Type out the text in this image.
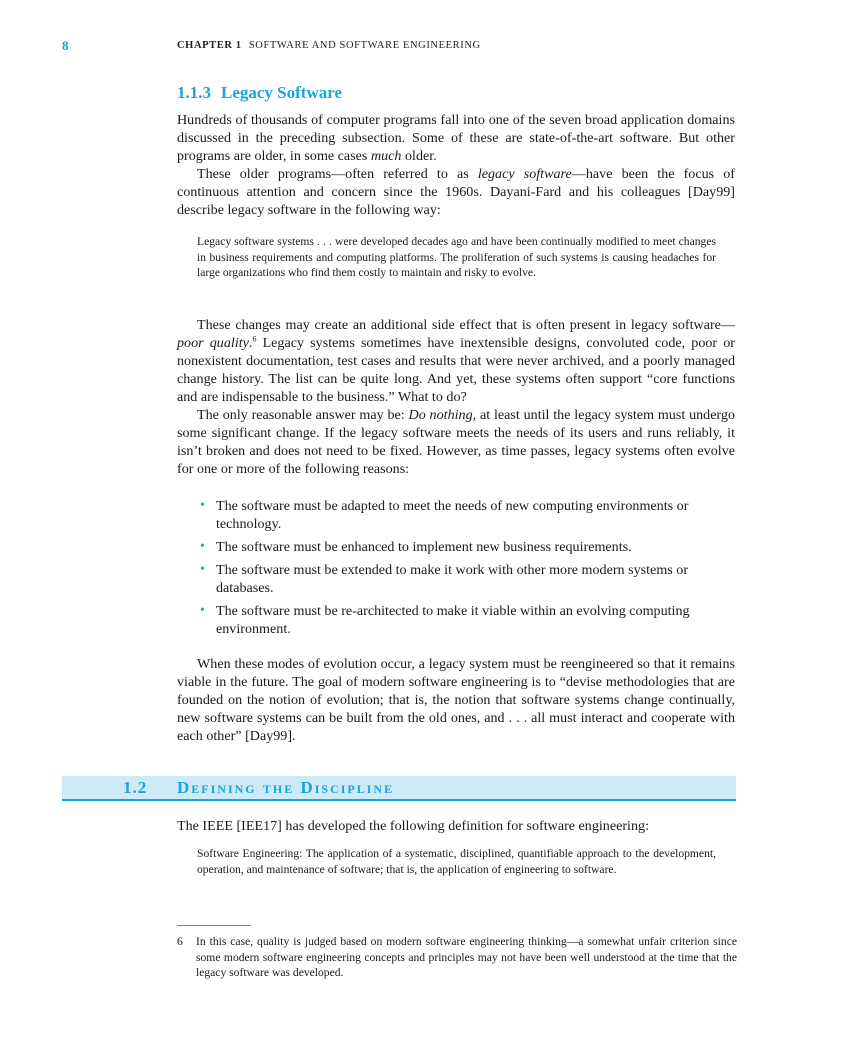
8	CHAPTER 1 SOFTWARE AND SOFTWARE ENGINEERING
1.1.3 Legacy Software

Hundreds of thousands of computer programs fall into one of the seven broad application domains discussed in the preceding subsection. Some of these are state-of-the-art software. But other programs are older, in some cases much older.

These older programs—often referred to as legacy software—have been the focus of continuous attention and concern since the 1960s. Dayani-Fard and his colleagues [Day99] describe legacy software in the following way:

Legacy software systems . . . were developed decades ago and have been continually modified to meet changes in business requirements and computing platforms. The proliferation of such systems is causing headaches for large organizations who find them costly to maintain and risky to evolve.

These changes may create an additional side effect that is often present in legacy software—poor quality.$^6$ Legacy systems sometimes have inextensible designs, convoluted code, poor or nonexistent documentation, test cases and results that were never archived, and a poorly managed change history. The list can be quite long. And yet, these systems often support “core functions and are indispensable to the business.” What to do?

The only reasonable answer may be: Do nothing, at least until the legacy system must undergo some significant change. If the legacy software meets the needs of its users and runs reliably, it isn’t broken and does not need to be fixed. However, as time passes, legacy systems often evolve for one or more of the following reasons:

• The software must be adapted to meet the needs of new computing environments or technology.
• The software must be enhanced to implement new business requirements.
• The software must be extended to make it work with other more modern systems or databases.
• The software must be re-architected to make it viable within an evolving computing environment.

When these modes of evolution occur, a legacy system must be reengineered so that it remains viable in the future. The goal of modern software engineering is to “devise methodologies that are founded on the notion of evolution; that is, the notion that software systems change continually, new software systems can be built from the old ones, and . . . all must interact and cooperate with each other” [Day99].

1.2 Defining the Discipline

The IEEE [IEE17] has developed the following definition for software engineering:

Software Engineering: The application of a systematic, disciplined, quantifiable approach to the development, operation, and maintenance of software; that is, the application of engineering to software.

6 In this case, quality is judged based on modern software engineering thinking—a somewhat unfair criterion since some modern software engineering concepts and principles may not have been well understood at the time that the legacy software was developed.
